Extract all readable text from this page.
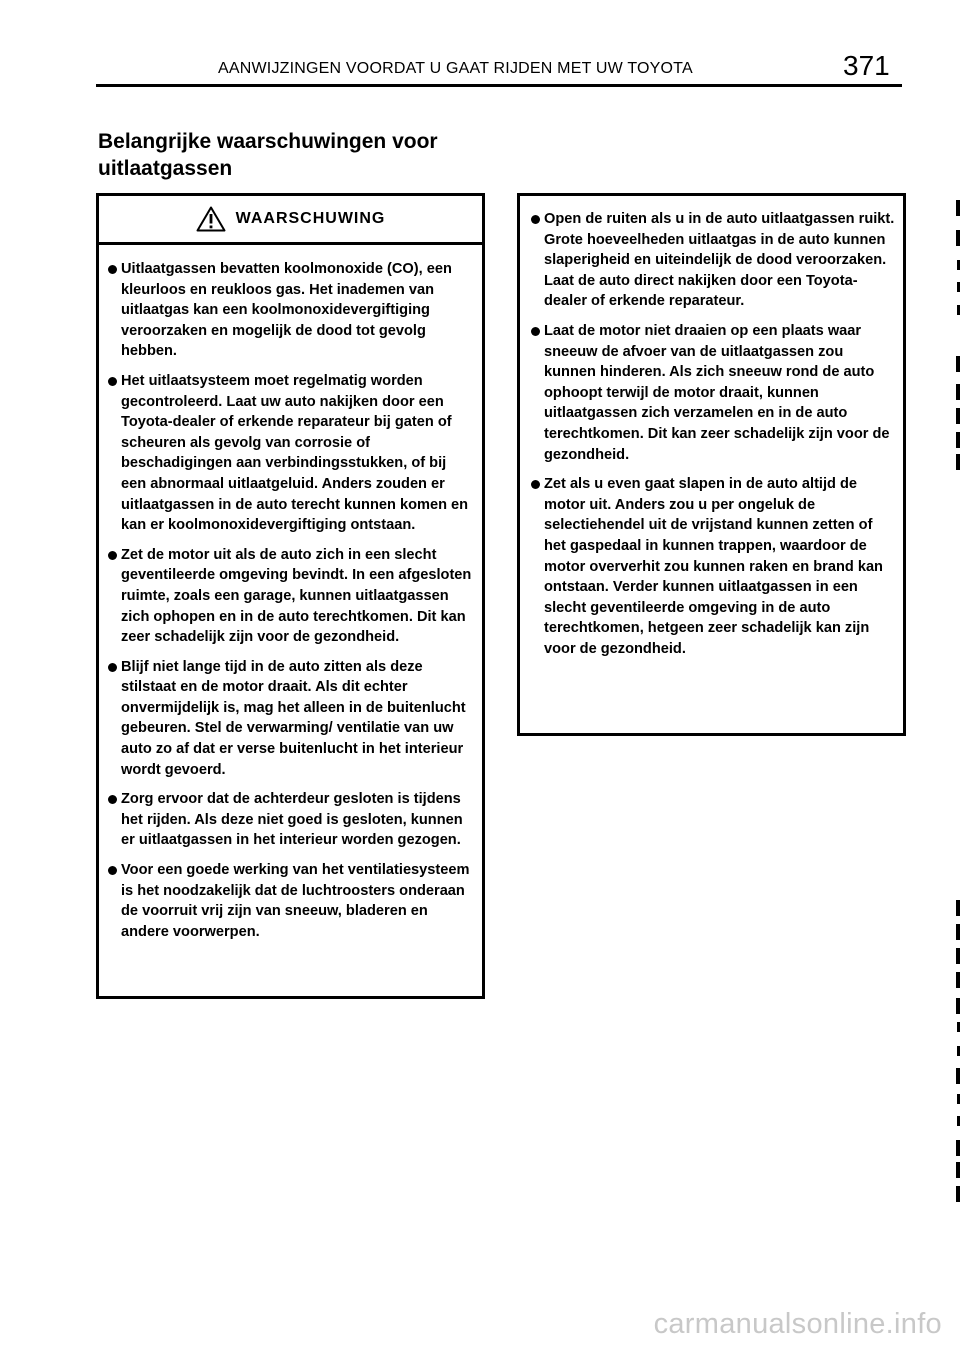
AANWIJZINGEN VOORDAT U GAAT RIJDEN MET UW TOYOTA	371
Belangrijke waarschuwingen voor uitlaatgassen
WAARSCHUWING
Uitlaatgassen bevatten koolmonoxide (CO), een kleurloos en reukloos gas. Het inademen van uitlaatgas kan een koolmonoxidevergiftiging veroorzaken en mogelijk de dood tot gevolg hebben.
Het uitlaatsysteem moet regelmatig worden gecontroleerd. Laat uw auto nakijken door een Toyota-dealer of erkende reparateur bij gaten of scheuren als gevolg van corrosie of beschadigingen aan verbindingsstukken, of bij een abnormaal uitlaatgeluid. Anders zouden er uitlaatgassen in de auto terecht kunnen komen en kan er koolmonoxidevergiftiging ontstaan.
Zet de motor uit als de auto zich in een slecht geventileerde omgeving bevindt. In een afgesloten ruimte, zoals een garage, kunnen uitlaatgassen zich ophopen en in de auto terechtkomen. Dit kan zeer schadelijk zijn voor de gezondheid.
Blijf niet lange tijd in de auto zitten als deze stilstaat en de motor draait. Als dit echter onvermijdelijk is, mag het alleen in de buitenlucht gebeuren. Stel de verwarming/ ventilatie van uw auto zo af dat er verse buitenlucht in het interieur wordt gevoerd.
Zorg ervoor dat de achterdeur gesloten is tijdens het rijden. Als deze niet goed is gesloten, kunnen er uitlaatgassen in het interieur worden gezogen.
Voor een goede werking van het ventilatiesysteem is het noodzakelijk dat de luchtroosters onderaan de voorruit vrij zijn van sneeuw, bladeren en andere voorwerpen.
Open de ruiten als u in de auto uitlaatgassen ruikt. Grote hoeveelheden uitlaatgas in de auto kunnen slaperigheid en uiteindelijk de dood veroorzaken. Laat de auto direct nakijken door een Toyota-dealer of erkende reparateur.
Laat de motor niet draaien op een plaats waar sneeuw de afvoer van de uitlaatgassen zou kunnen hinderen. Als zich sneeuw rond de auto ophoopt terwijl de motor draait, kunnen uitlaatgassen zich verzamelen en in de auto terechtkomen. Dit kan zeer schadelijk zijn voor de gezondheid.
Zet als u even gaat slapen in de auto altijd de motor uit. Anders zou u per ongeluk de selectiehendel uit de vrijstand kunnen zetten of het gaspedaal in kunnen trappen, waardoor de motor oververhit zou kunnen raken en brand kan ontstaan. Verder kunnen uitlaatgassen in een slecht geventileerde omgeving in de auto terechtkomen, hetgeen zeer schadelijk kan zijn voor de gezondheid.
carmanualsonline.info
